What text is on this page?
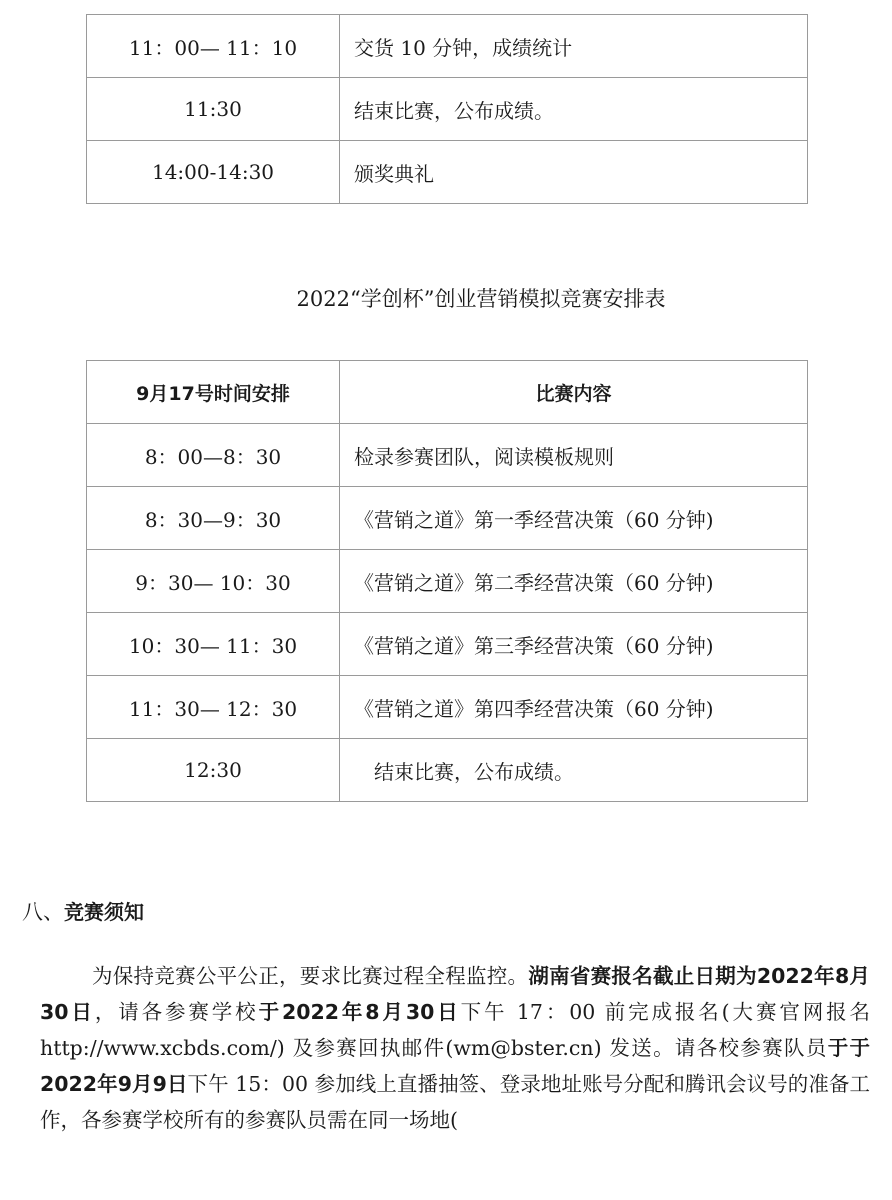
11：00— 11：10	交货 10 分钟，成绩统计
11:30	结束比赛，公布成绩。
14:00-14:30	颁奖典礼
2022“学创杯”创业营销模拟竞赛安排表
9月17号时间安排	比赛内容
8：00—8：30	检录参赛团队，阅读模板规则
8：30—9：30	《营销之道》第一季经营决策（60 分钟)
9：30— 10：30	《营销之道》第二季经营决策（60 分钟)
10：30— 11：30	《营销之道》第三季经营决策（60 分钟)
11：30— 12：30	《营销之道》第四季经营决策（60 分钟)
12:30	结束比赛，公布成绩。
八、竞赛须知

为保持竞赛公平公正，要求比赛过程全程监控。湖南省赛报名截止日期为2022年8月30日，请各参赛学校于2022年8月30日下午 17：00 前完成报名(大赛官网报名 http://www.xcbds.com/) 及参赛回执邮件(wm@bster.cn) 发送。请各校参赛队员于于2022年9月9日下午 15：00 参加线上直播抽签、登录地址账号分配和腾讯会议号的准备工作，各参赛学校所有的参赛队员需在同一场地(
